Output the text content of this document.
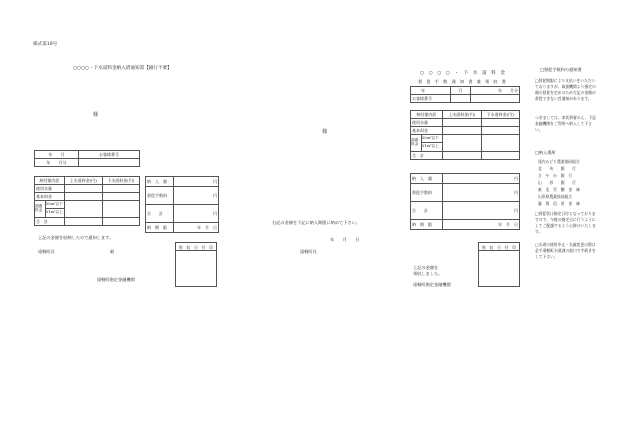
様式第18号
○○○○・下水道料金納入済通知書【銀行不要】
様
年　　月	お客様番号
年　　月分	
納付額内訳	上水道料金(円)	下水道料金(円)
使用水量		
基本料金		

超過料金
50m³以下
51m³以上		

合　計		
納　入　額	円
督促手数料	円
合　　計	円
納　期　限	年　月　日
上記の金額を収納したので通知します。
遠軽町長	殿
遠軽町指定金融機関
領　収　日　付　印
様
右記の金額を下記に納入期限に納めて下さい。
年　　月　　日
遠軽町長
○　○　○　○　・　下　水　道　料　金
督　促　手　数　通　知　書　兼　領　収　書
年	月	年　　月分
お客様番号		
納付額内訳	上水道料金(円)	下水道料金(円)
使用水量		
基本料金		

超過料金
50m³以下
51m³以上		

合　計		
納　入　額	円
督促手数料	円
合　　計	円
納　期　限	年　月　日
領　収　日　付　印
上記の金額を
領収しました。
遠軽町指定金融機関
□督促手数料の通知書
□督促期限により支払いをいただいておりますが、取扱機関より指定の額の督促を定めのため左記の金額が督促できない旨通知があります。
つきましては、本状到着のえ、下記金融機関をご利用へ納入して下さい。
□納入場所
遠内みどり農業協同組合
北　　央　　銀　　行
さ　や　か　銀　行
山　　形　　銀　　行
東　北　労　働　金　庫
山形県農業協同組合
藤　岡　信　用　金　庫
□督促状は指定日付となっておりますので、今後の指定日に行うようにしてご配慮するよう心掛けいたします。
□水道の使用中止・名義変更の際は必ず遠軽町水道課の窓口で手続きをして下さい。
